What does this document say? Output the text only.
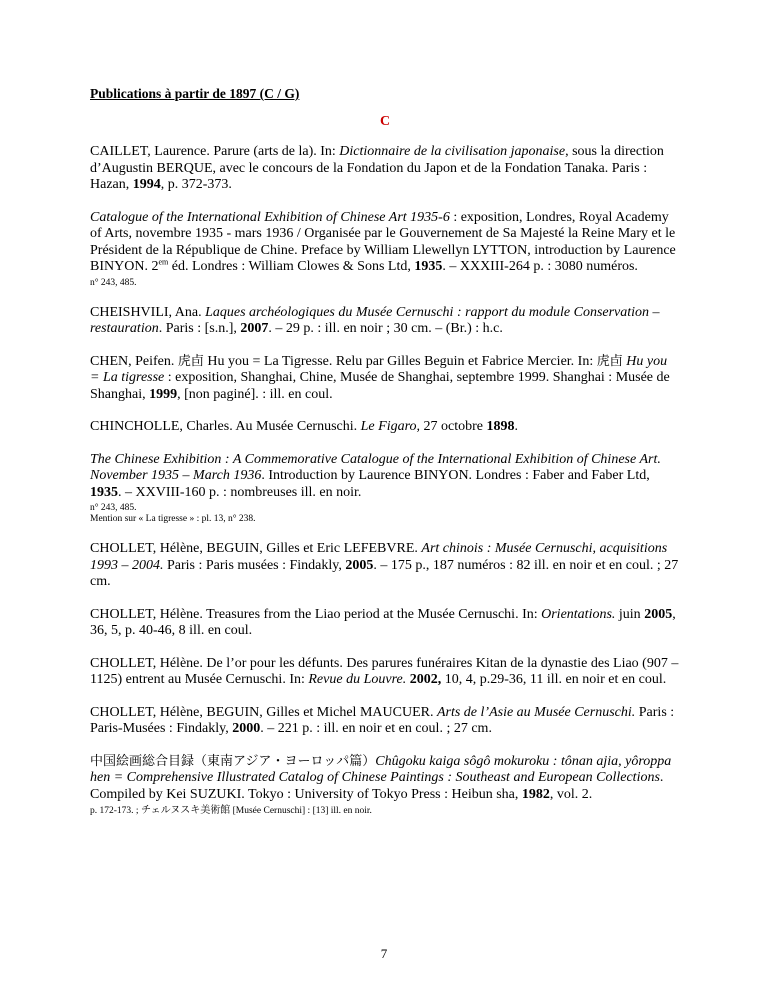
Publications à partir de 1897 (C / G)

C

CAILLET, Laurence. Parure (arts de la). In: Dictionnaire de la civilisation japonaise, sous la direction d’Augustin BERQUE, avec le concours de la Fondation du Japon et de la Fondation Tanaka. Paris : Hazan, 1994, p. 372-373.

Catalogue of the International Exhibition of Chinese Art 1935-6 : exposition, Londres, Royal Academy of Arts, novembre 1935 - mars 1936 / Organisée par le Gouvernement de Sa Majesté la Reine Mary et le Président de la République de Chine. Preface by William Llewellyn LYTTON, introduction by Laurence BINYON. $2^{em}$ éd. Londres : William Clowes & Sons Ltd, 1935. – XXXIII-264 p. : 3080 numéros.
n° 243, 485.

CHEISHVILI, Ana. Laques archéologiques du Musée Cernuschi : rapport du module Conservation – restauration. Paris : [s.n.], 2007. – 29 p. : ill. en noir ; 30 cm. – (Br.) : h.c.

CHEN, Peifen. 虎卣 Hu you = La Tigresse. Relu par Gilles Beguin et Fabrice Mercier. In: 虎卣 Hu you = La tigresse : exposition, Shanghai, Chine, Musée de Shanghai, septembre 1999. Shanghai : Musée de Shanghai, 1999, [non paginé]. : ill. en coul.

CHINCHOLLE, Charles. Au Musée Cernuschi. Le Figaro, 27 octobre 1898.

The Chinese Exhibition : A Commemorative Catalogue of the International Exhibition of Chinese Art. November 1935 – March 1936. Introduction by Laurence BINYON. Londres : Faber and Faber Ltd, 1935. – XXVIII-160 p. : nombreuses ill. en noir.
n° 243, 485.
Mention sur « La tigresse » : pl. 13, n° 238.

CHOLLET, Hélène, BEGUIN, Gilles et Eric LEFEBVRE. Art chinois : Musée Cernuschi, acquisitions 1993 – 2004. Paris : Paris musées : Findakly, 2005. – 175 p., 187 numéros : 82 ill. en noir et en coul. ; 27 cm.

CHOLLET, Hélène. Treasures from the Liao period at the Musée Cernuschi. In: Orientations. juin 2005, 36, 5, p. 40-46, 8 ill. en coul.

CHOLLET, Hélène. De l’or pour les défunts. Des parures funéraires Kitan de la dynastie des Liao (907 – 1125) entrent au Musée Cernuschi. In: Revue du Louvre. 2002, 10, 4, p.29-36, 11 ill. en noir et en coul.

CHOLLET, Hélène, BEGUIN, Gilles et Michel MAUCUER. Arts de l’Asie au Musée Cernuschi. Paris : Paris-Musées : Findakly, 2000. – 221 p. : ill. en noir et en coul. ; 27 cm.

中国絵画総合目録（東南アジア・ヨーロッパ篇）Chûgoku kaiga sôgô mokuroku : tônan ajia, yôroppa hen = Comprehensive Illustrated Catalog of Chinese Paintings : Southeast and European Collections. Compiled by Kei SUZUKI. Tokyo : University of Tokyo Press : Heibun sha, 1982, vol. 2.
p. 172-173. ; チェルヌスキ美術館 [Musée Cernuschi] : [13] ill. en noir.

7
